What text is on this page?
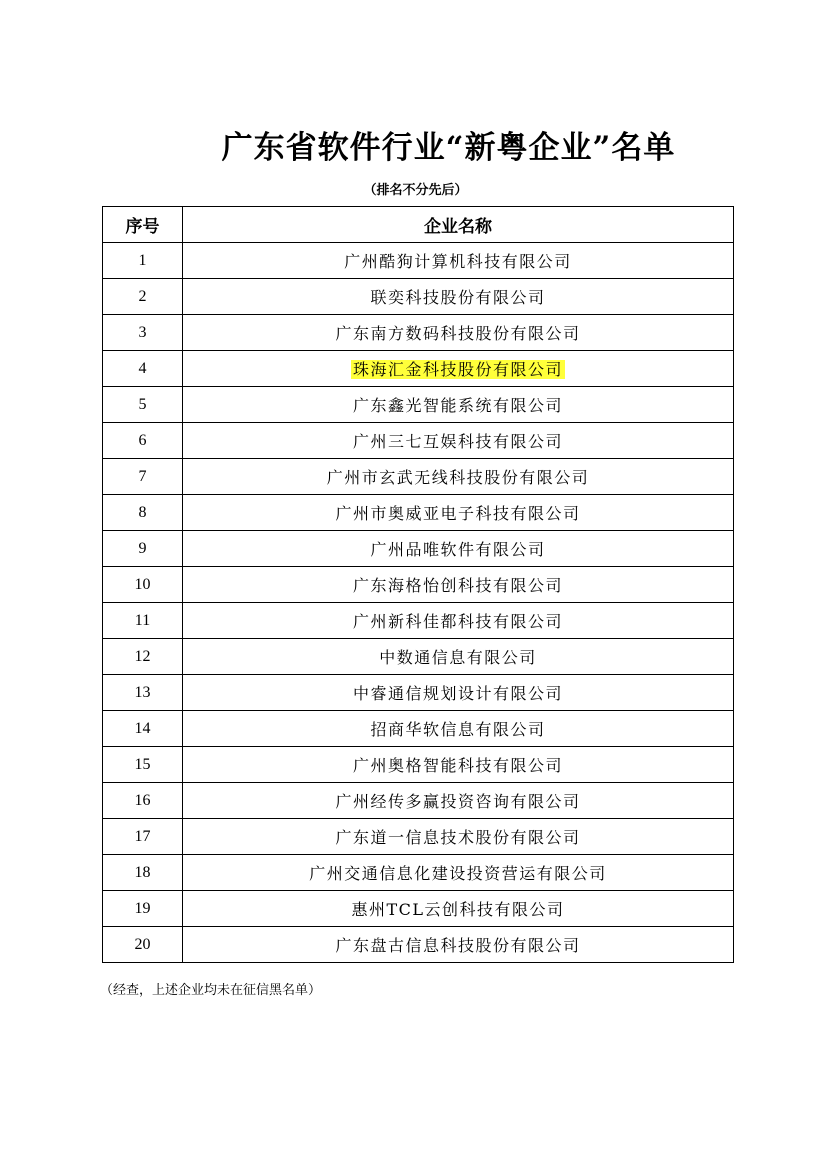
广东省软件行业“新粤企业”名单
（排名不分先后）
序号	企业名称
1	广州酷狗计算机科技有限公司
2	联奕科技股份有限公司
3	广东南方数码科技股份有限公司
4	珠海汇金科技股份有限公司
5	广东鑫光智能系统有限公司
6	广州三七互娱科技有限公司
7	广州市玄武无线科技股份有限公司
8	广州市奥威亚电子科技有限公司
9	广州品唯软件有限公司
10	广东海格怡创科技有限公司
11	广州新科佳都科技有限公司
12	中数通信息有限公司
13	中睿通信规划设计有限公司
14	招商华软信息有限公司
15	广州奥格智能科技有限公司
16	广州经传多赢投资咨询有限公司
17	广东道一信息技术股份有限公司
18	广州交通信息化建设投资营运有限公司
19	惠州TCL云创科技有限公司
20	广东盘古信息科技股份有限公司
（经查，上述企业均未在征信黑名单）
